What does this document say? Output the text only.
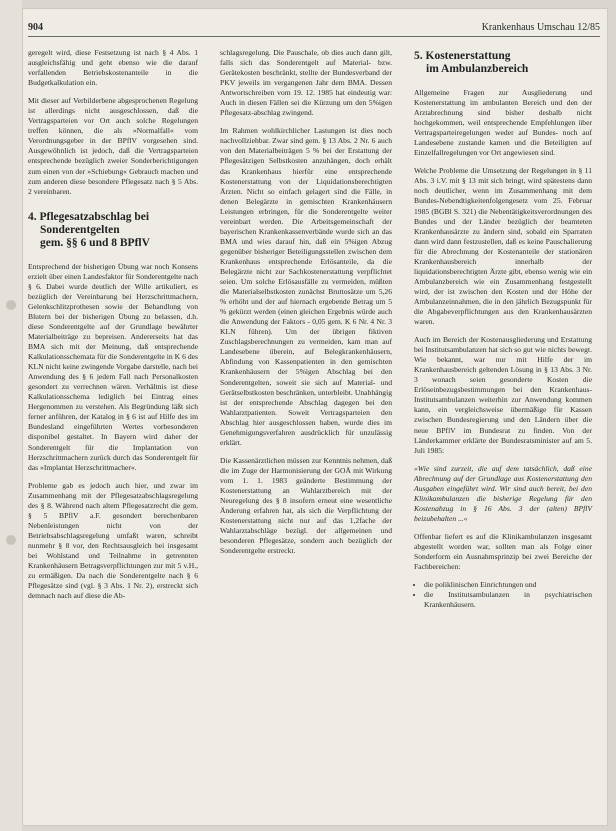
904	Krankenhaus Umschau 12/85

geregelt wird, diese Festsetzung ist nach § 4 Abs. 1 ausgleichsfähig und geht ebenso wie die darauf verfallenden Betriebskostenanteile in die Budgetkalkulation ein.

Mit dieser auf Verbilderbene abgesprochenen Regelung ist allerdings nicht ausgeschlossen, daß die Vertragsparteien vor Ort auch solche Regelungen treffen können, die als »Normalfall« vom Verordnungsgeber in der BPflV vorgesehen sind. Ausgewöhnlich ist jedoch, daß die Vertragsparteien entsprechende bezüglich zweier Sonderberichtigungen zum einen von der »Schiebung« Gebrauch machen und zum anderen diese besondere Pflegesatz nach § 5 Abs. 2 vereinbaren.

4. Pflegesatzabschlag bei
Sonderentgelten
gem. §§ 6 und 8 BPflV

Entsprechend der bisherigen Übung war noch Konsens erzielt über einen Landesfaktor für Sonderentgelte nach § 6. Dabei wurde deutlich der Wille artikuliert, es bezüglich der Vereinbarung bei Herzschrittmachern, Gelenkschlitzprothesen sowie der Behandlung von Blutern bei der bisherigen Übung zu belassen, d.h. diese Sonderentgelte auf der Grundlage bewährter Materialbeiträge zu bepreisen. Andererseits hat das BMA sich mit der Meinung, daß entsprechende Kalkulationsschemata für die Sonderentgelte in K 6 des KLN nicht keine zwingende Vorgabe darstelle, nach bei Anwendung des § 6 jedem Fall nach Personalkosten gesondert zu verrechnen wären. Verhältnis ist diese Kalkulationsschema lediglich bei Eintrag eines Hergenommen zu verstehen. Als Begründung läßt sich ferner anführen, der Katalog in § 6 ist auf Hilfe des im Bundesland eingeführten Wertes vorbesonderen disponibel gestaltet. In Bayern wird daher der Sonderentgelt für die Implantation von Herzschrittmachern zurück durch das Sonderentgelt für das »Implantat Herzschrittmacher«.

Probleme gab es jedoch auch hier, und zwar im Zusammenhang mit der Pflegesatzabschlagsregelung des § 8. Während nach altem Pflegesatzrecht die gem. § 5 BPflV a.F. gesondert berechenbaren Nebenleistungen nicht von der Betriebsabschlagsregelung umfaßt waren, schreibt nunmehr § 8 vor, den Rechtsausgleich bei insgesamt bei Wohlstand und Teilnahme in getrennten Krankenhäusern Betragsverpflichtungen zur mit 5 v.H., zu ermäßigen. Da nach die Sonderentgelte nach § 6 Pflegesätze sind (vgl. § 3 Abs. 1 Nr. 2), erstreckt sich demnach nach auf diese die Ab-

schlagsregelung. Die Pauschale, ob dies auch dann gilt, falls sich das Sonderentgelt auf Material- bzw. Gerätekosten beschränkt, stellte der Bundesverband der PKV jeweils im vergangenen Jahr dem BMA. Dessen Antwortschreiben vom 19. 12. 1985 hat eindeutig war: Auch in diesen Fällen sei die Kürzung um den 5%igen Pflegesatz-abschlag zwingend.

Im Rahmen wohlkirchlicher Lastungen ist dies noch nachvollziehbar. Zwar sind gem. § 13 Abs. 2 Nr. 6 auch von den Materialbeiträgen 5 % bei der Erstattung der Pflegesätzigen Selbstkosten anzuhängen, doch erhält das Krankenhaus hierfür eine entsprechende Kostenerstattung von der Liquidationsberechtigten Ärzten. Nicht so einfach gelagert sind die Fälle, in denen Belegärzte in gemischten Krankenhäusern Leistungen erbringen, für die Sonderentgelte weiter vereinbart werden. Die Arbeitsgemeinschaft der bayerischen Krankenkassenverbände wurde sich an das BMA und wies darauf hin, daß ein 5%igen Abzug gegenüber bisheriger Beteiligungsstellen zwischen dem Krankenhaus entsprechende Erlösanteile, da die Belegärzte nicht zur Sachkostenerstattung verpflichtet seien. Um solche Erlösausfälle zu vermeiden, müßten die Materialselbstkosten zunächst Bruttosätze um 5,26 % erhöht und der auf hiernach ergebende Betrag um 5 % gekürzt werden (einen gleichen Ergebnis würde auch die Anwendung der Faktors - 0,05 gem. K 6 Nr. 4 Nr. 3 KLN führen). Um der übrigen fiktiven Zuschlagsberechnungen zu vermeiden, kam man auf Landesebene überein, auf Belegkrankenhäusern, Abfindung von Kassenpatienten in den gemischten Krankenhäusern der 5%igen Abschlag bei den Sonderentgelten, soweit sie sich auf Material- und Gerätselbstkosten beschränken, unterbleibt. Unabhängig ist der entsprechende Abschlag dagegen bei den Wahlarztpatienten. Soweit Vertragsparteien den Abschlag hier ausgeschlossen haben, wurde dies im Genehmigungsverfahren ausdrücklich für unzulässig erklärt.

Die Kassenärztlichen müssen zur Kenntnis nehmen, daß die im Zuge der Harmonisierung der GOÄ mit Wirkung vom 1. 1. 1983 geänderte Bestimmung der Kostenerstattung an Wahlarztbereich mit der Neuregelung des § 8 insofern erneut eine wesentliche Änderung erfahren hat, als sich die Verpflichtung der Kostenerstattung nicht nur auf das 1,2fache der Wahlarztabschläge bezügl. der allgemeinen und besonderen Pflegesätze, sondern auch bezüglich der Sonderentgelte erstreckt.

5. Kostenerstattung
im Ambulanzbereich

Allgemeine Fragen zur Ausgliederung und Kostenerstattung im ambulanten Bereich und den der Arztabrechnung sind bisher deshalb nicht hochgekommen, weil entsprechende Empfehlungen über Vertragsparteiregelungen weder auf Bundes- noch auf Landesebene zustande kamen und die Beteiligten auf Einzelfallregelungen vor Ort angewiesen sind.

Welche Probleme die Umsetzung der Regelungen in § 11 Abs. 3 i.V. mit § 13 mit sich bringt, wird spätestens dann noch deutlicher, wenn im Zusammenhang mit dem Bundes-Nebendtigkeitenfolgengesetz vom 25. Februar 1985 (BGBl S. 321) die Nebentätigkeitsverordnungen des Bundes und der Länder bezüglich der beamteten Krankenhausärzte zu ändern sind, sobald ein Sparraten dann wird dann festzustellen, daß es keine Pauschalierung für die Abrechnung der Kostenanteile der stationären Krankenhausbereich innerhalb der liquidationsberechtigten Ärzte gibt, ebenso wenig wie ein Ambulanzbereich wie ein Zusammenhang festgestellt wird, der ist zwischen den Kosten und der Höhe der Ambulanzeinnahmen, die in den jährlich Bezugspunkt für die Abgabeverpflichtungen aus den Krankenhausärzten waren.

Auch im Bereich der Kostenausgliederung und Erstattung bei Institutsambulanzen hat sich so gut wie nichts bewegt. Wie bekannt, war nur mit Hilfe der im Krankenhausbereich geltenden Lösung in § 13 Abs. 3 Nr. 3 wonach seien gesonderte Kosten die Erlöseinbezugsbestimmungen bei den Krankenhaus-Institutsambulanzen weiterhin zur Anwendung kommen kann, ein vergleichsweise übermäßige für Kassen zwischen Bundesregierung und den Ländern über die neue BPflV im Bundesrat zu finden. Von der Länderkammer erklärte der Bundesratsminister auf am 5. Juli 1985:

»Wie sind zurzeit, die auf dem tatsächlich, daß eine Abrechnung auf der Grundlage aus Kostenerstattung den Ausgaben eingeführt wird. Wir sind auch bereit, bei den Klinikambulanzen die bisherige Regelung für den Kostenabzug in § 16 Abs. 3 der (alten) BPflV beizubehalten ...«

Offenbar liefert es auf die Klinikambulanzen insgesamt abgestellt worden war, sollten man als Folge einer Sonderform ein Ausnahmsprinzip bei zwei Bereiche der Fachbereichen:

• die poliklinischen Einrichtungen und
• die Institutsambulanzen in psychiatrischen Krankenhäusern.
